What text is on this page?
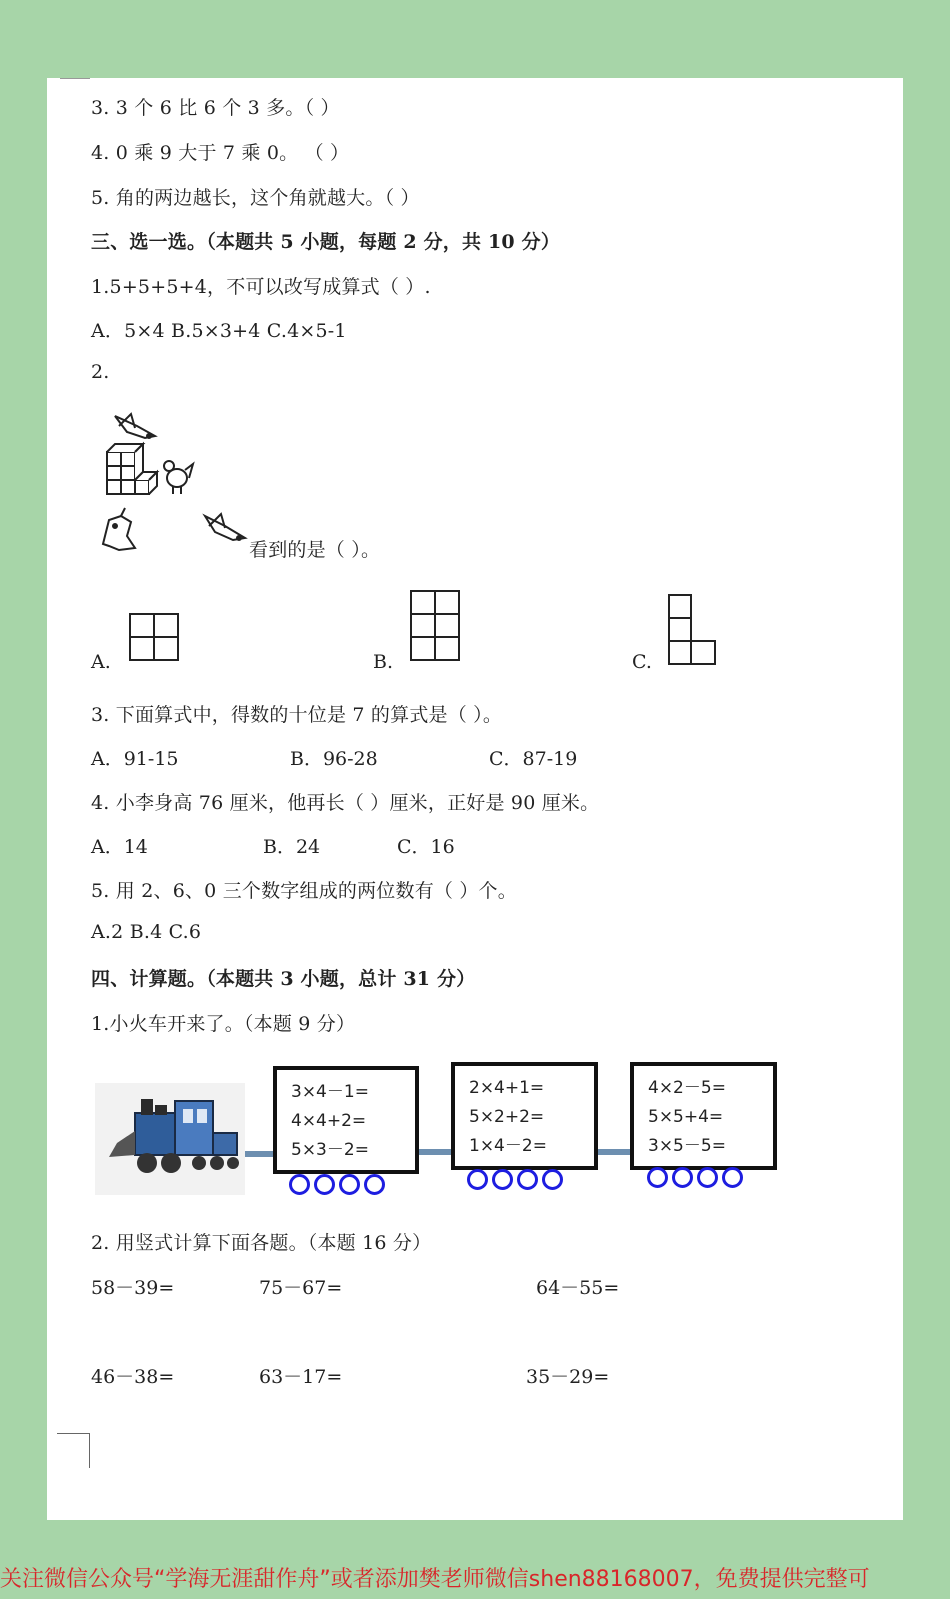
3. 3 个 6 比 6 个 3 多。（ ）
4. 0 乘 9 大于 7 乘 0。 （ ）
5. 角的两边越长，这个角就越大。（ ）
三、选一选。（本题共 5 小题，每题 2 分，共 10 分）
1.5+5+5+4，不可以改写成算式（ ）.
A．5×4 B.5×3+4 C.4×5-1
2.
看到的是（ ）。
A.	B.	C.
3. 下面算式中，得数的十位是 7 的算式是（ ）。
A．91-15	B．96-28	C．87-19
4. 小李身高 76 厘米，他再长（ ）厘米，正好是 90 厘米。
A．14	B．24	C．16
5. 用 2、6、0 三个数字组成的两位数有（ ）个。
A.2 B.4 C.6
四、计算题。（本题共 3 小题，总计 31 分）
1.小火车开来了。（本题 9 分）
3×4－1=
4×4+2=
5×3－2=
2×4+1=
5×2+2=
1×4－2=
4×2－5=
5×5+4=
3×5－5=
2. 用竖式计算下面各题。（本题 16 分）
58－39=	75－67=	64－55=
46－38=	63－17=	35－29=
关注微信公众号“学海无涯甜作舟”或者添加樊老师微信shen88168007，免费提供完整可
